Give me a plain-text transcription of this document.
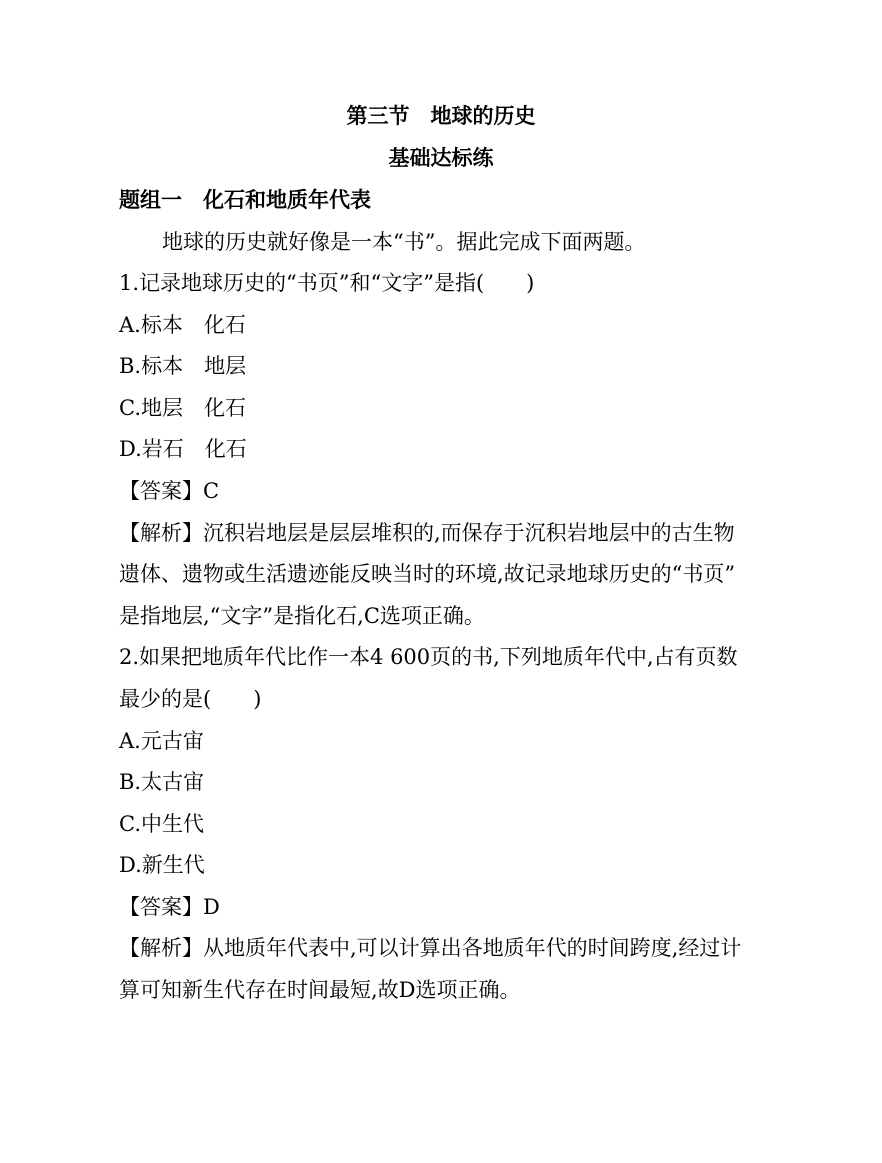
第三节　地球的历史
基础达标练
题组一　化石和地质年代表
地球的历史就好像是一本“书”。据此完成下面两题。
1.记录地球历史的“书页”和“文字”是指(　　)
A.标本　化石
B.标本　地层
C.地层　化石
D.岩石　化石
【答案】C
【解析】沉积岩地层是层层堆积的,而保存于沉积岩地层中的古生物
遗体、遗物或生活遗迹能反映当时的环境,故记录地球历史的“书页”
是指地层,“文字”是指化石,C选项正确。
2.如果把地质年代比作一本4 600页的书,下列地质年代中,占有页数
最少的是(　　)
A.元古宙
B.太古宙
C.中生代
D.新生代
【答案】D
【解析】从地质年代表中,可以计算出各地质年代的时间跨度,经过计
算可知新生代存在时间最短,故D选项正确。
